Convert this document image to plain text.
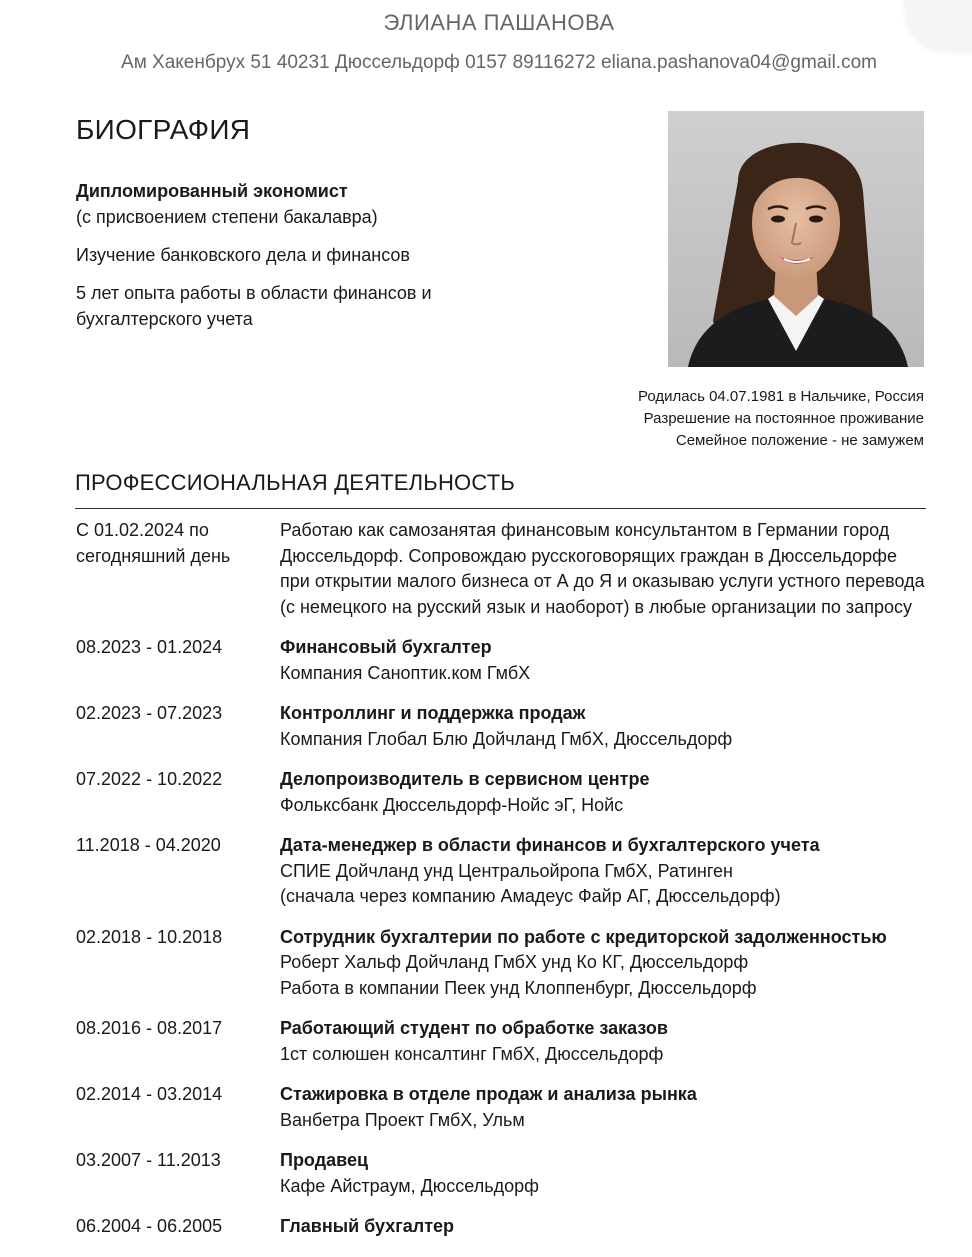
ЭЛИАНА ПАШАНОВА
Ам Хакенбрух 51 40231 Дюссельдорф 0157 89116272 eliana.pashanova04@gmail.com
БИОГРАФИЯ

Дипломированный экономист
(с присвоением степени бакалавра)

Изучение банковского дела и финансов

5 лет опыта работы в области финансов и бухгалтерского учета

Родилась 04.07.1981 в Нальчике, Россия
Разрешение на постоянное проживание
Семейное положение - не замужем
ПРОФЕССИОНАЛЬНАЯ ДЕЯТЕЛЬНОСТЬ
С 01.02.2024 по сегодняшний день
Работаю как самозанятая финансовым консультантом в Германии город Дюссельдорф. Сопровождаю русскоговорящих граждан в Дюссельдорфе при открытии малого бизнеса от А до Я и оказываю услуги устного перевода (с немецкого на русский язык и наоборот) в любые организации по запросу
08.2023 - 01.2024	Финансовый бухгалтер
Компания Саноптик.ком ГмбХ
02.2023 - 07.2023	Контроллинг и поддержка продаж
Компания Глобал Блю Дойчланд ГмбХ, Дюссельдорф
07.2022 - 10.2022	Делопроизводитель в сервисном центре
Фольксбанк Дюссельдорф-Нойс эГ, Нойс
11.2018 - 04.2020	Дата-менеджер в области финансов и бухгалтерского учета
СПИЕ Дойчланд унд Центральойропа ГмбХ, Ратинген
(сначала через компанию Амадеус Файр АГ, Дюссельдорф)
02.2018 - 10.2018	Сотрудник бухгалтерии по работе с кредиторской задолженностью
Роберт Хальф Дойчланд ГмбХ унд Ко КГ, Дюссельдорф
Работа в компании Пеек унд Клоппенбург, Дюссельдорф
08.2016 - 08.2017	Работающий студент по обработке заказов
1ст солюшен консалтинг ГмбХ, Дюссельдорф
02.2014 - 03.2014	Стажировка в отделе продаж и анализа рынка
Ванбетра Проект ГмбХ, Ульм
03.2007 - 11.2013	Продавец
Кафе Айстраум, Дюссельдорф
06.2004 - 06.2005	Главный бухгалтер
